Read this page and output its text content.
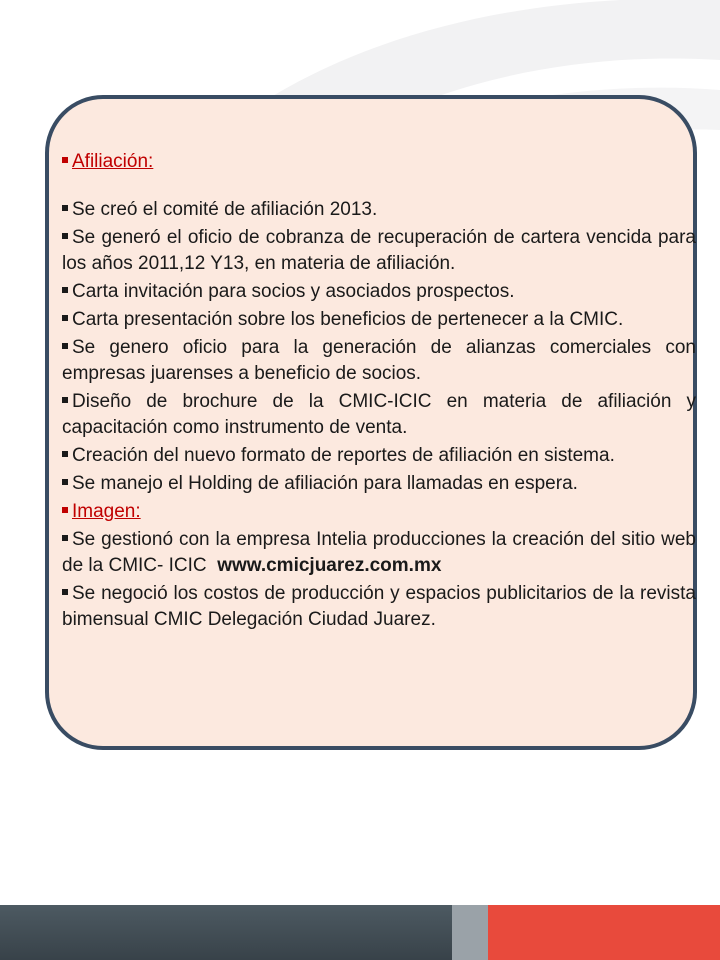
Afiliación:
Se creó el comité de afiliación 2013.
Se generó el oficio de cobranza de recuperación de cartera vencida para los años 2011,12 Y13, en materia de afiliación.
Carta invitación para socios y asociados prospectos.
Carta presentación sobre los beneficios de pertenecer a la CMIC.
Se genero oficio para la generación de alianzas comerciales con empresas juarenses a beneficio de socios.
Diseño de brochure de la CMIC-ICIC en materia de afiliación y capacitación como instrumento de venta.
Creación del nuevo formato de reportes de afiliación en sistema.
Se manejo el Holding de afiliación para llamadas en espera.
Imagen:
Se gestionó con la empresa Intelia producciones la creación del sitio web de la CMIC- ICIC www.cmicjuarez.com.mx
Se negoció los costos de producción y espacios publicitarios de la revista bimensual CMIC Delegación Ciudad Juarez.
